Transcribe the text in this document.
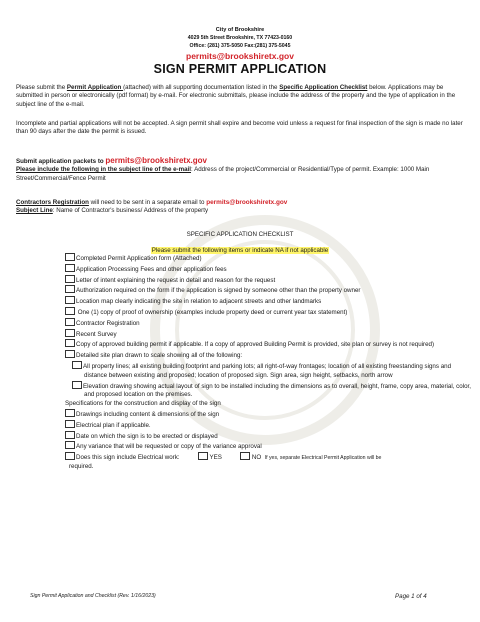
City of Brookshire
4029 5th Street Brookshire, TX 77423-0160
Office: (281) 375-5050 Fax:(281) 375-5045
permits@brookshiretx.gov
SIGN PERMIT APPLICATION
Please submit the Permit Application (attached) with all supporting documentation listed in the Specific Application Checklist below. Applications may be submitted in person or electronically (pdf format) by e-mail. For electronic submittals, please include the address of the property and the type of application in the subject line of the e-mail.
Incomplete and partial applications will not be accepted. A sign permit shall expire and become void unless a request for final inspection of the sign is made no later than 90 days after the date the permit is issued.
Submit application packets to permits@brookshiretx.gov
Please include the following in the subject line of the e-mail: Address of the project/Commercial or Residential/Type of permit. Example: 1000 Main Street/Commercial/Fence Permit
Contractors Registration will need to be sent in a separate email to permits@brookshiretx.gov
Subject Line: Name of Contractor's business/ Address of the property
SPECIFIC APPLICATION CHECKLIST
Please submit the following items or indicate NA if not applicable
Completed Permit Application form (Attached)
Application Processing Fees and other application fees
Letter of intent explaining the request in detail and reason for the request
Authorization required on the form if the application is signed by someone other than the property owner
Location map clearly indicating the site in relation to adjacent streets and other landmarks
One (1) copy of proof of ownership (examples include property deed or current year tax statement)
Contractor Registration
Recent Survey
Copy of approved building permit if applicable. If a copy of approved Building Permit is provided, site plan or survey is not required)
Detailed site plan drawn to scale showing all of the following:
All property lines; all existing building footprint and parking lots; all right-of-way frontages; location of all existing freestanding signs and distance between existing and proposed; location of proposed sign. Sign area, sign height, setbacks, north arrow
Elevation drawing showing actual layout of sign to be installed including the dimensions as to overall, height, frame, copy area, material, color, and proposed location on the premises.
Specifications for the construction and display of the sign
Drawings including content & dimensions of the sign
Electrical plan if applicable.
Date on which the sign is to be erected or displayed
Any variance that will be requested or copy of the variance approval
Does this sign include Electrical work:	YES	NO If yes, separate Electrical Permit Application will be
required.
Sign Permit Application and Checklist (Rev. 1/16/2023)	Page 1 of 4
